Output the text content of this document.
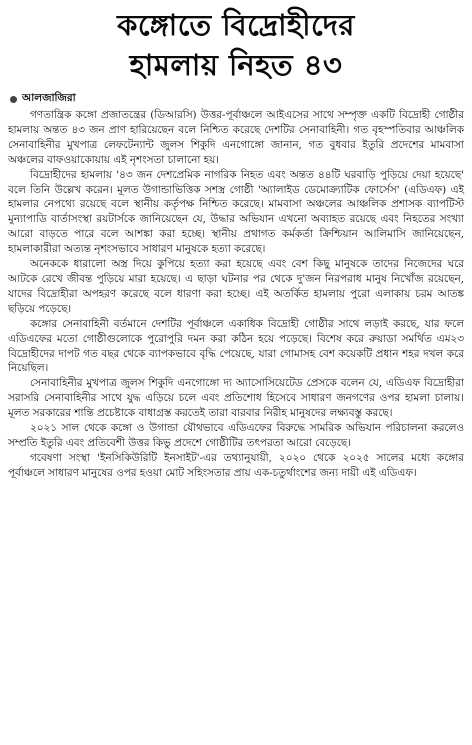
কঙ্গোতে বিদ্রোহীদের
হামলায় নিহত ৪৩
আলজাজিরা

গণতান্ত্রিক কঙ্গো প্রজাতন্ত্রের (ডিআরসি) উত্তর-পূর্বাঞ্চলে আইএসের সাথে সম্পৃক্ত একটি বিদ্রোহী গোষ্ঠীর হামলায় অন্তত ৪৩ জন প্রাণ হারিয়েছেন বলে নিশ্চিত করেছে দেশটির সেনাবাহিনী। গত বৃহস্পতিবার আঞ্চলিক সেনাবাহিনীর মুখপাত্র লেফটেন্যান্ট জুলস শিকুদি এনগোঙ্গো জানান, গত বুধবার ইতুরি প্রদেশের মামবাসা অঞ্চলের বাফওয়াকোয়ায় এই নৃশংসতা চালানো হয়।

বিদ্রোহীদের হামলায় '৪৩ জন দেশপ্রেমিক নাগরিক নিহত এবং অন্তত ৪৪টি ঘরবাড়ি পুড়িয়ে দেয়া হয়েছে' বলে তিনি উল্লেখ করেন। মূলত উগান্ডাভিত্তিক সশস্ত্র গোষ্ঠী 'অ্যালাইড ডেমোক্র্যাটিক ফোর্সেস' (এডিএফ) এই হামলার নেপথ্যে রয়েছে বলে স্থানীয় কর্তৃপক্ষ নিশ্চিত করেছে। মামবাসা অঞ্চলের আঞ্চলিক প্রশাসক ব্যাপটিস্ট মুন্যাপাডি বার্তাসংস্থা রয়টার্সকে জানিয়েছেন যে, উদ্ধার অভিযান এখনো অব্যাহত রয়েছে এবং নিহতের সংখ্যা আরো বাড়তে পারে বলে আশঙ্কা করা হচ্ছে। স্থানীয় প্রথাগত কর্মকর্তা ক্রিশ্চিয়ান আলিমাসি জানিয়েছেন, হামলাকারীরা অত্যন্ত নৃশংসভাবে সাধারণ মানুষকে হত্যা করেছে।

অনেককে ধারালো অস্ত্র দিয়ে কুপিয়ে হত্যা করা হয়েছে এবং বেশ কিছু মানুষকে তাদের নিজেদের ঘরে আটকে রেখে জীবন্ত পুড়িয়ে মারা হয়েছে। এ ছাড়া ঘটনার পর থেকে দু'জন নিরপরাধ মানুষ নিখোঁজ রয়েছেন, যাদের বিদ্রোহীরা অপহরণ করেছে বলে ধারণা করা হচ্ছে। এই অতর্কিত হামলায় পুরো এলাকায় চরম আতঙ্ক ছড়িয়ে পড়েছে।

কঙ্গোর সেনাবাহিনী বর্তমানে দেশটির পূর্বাঞ্চলে একাধিক বিদ্রোহী গোষ্ঠীর সাথে লড়াই করছে, যার ফলে এডিএফের মতো গোষ্ঠীগুলোকে পুরোপুরি দমন করা কঠিন হয়ে পড়েছে। বিশেষ করে রুয়াডা সমর্থিত এম২৩ বিদ্রোহীদের দাপট গত বছর থেকে ব্যাপকভাবে বৃদ্ধি পেয়েছে, যারা গোমাসহ বেশ কয়েকটি প্রধান শহর দখল করে নিয়েছিল।

সেনাবাহিনীর মুখপাত্র জুলস শিকুদি এনগোঙ্গো দ্য অ্যাসোসিয়েটেড প্রেসকে বলেন যে, এডিএফ বিদ্রোহীরা সরাসরি সেনাবাহিনীর সাথে যুদ্ধ এড়িয়ে চলে এবং প্রতিশোধ হিসেবে সাধারণ জনগণের ওপর হামলা চালায়। মূলত সরকারের শান্তি প্রচেষ্টাকে বাধাগ্রস্ত করতেই তারা বারবার নিরীহ মানুষদের লক্ষ্যবস্তু করছে।

২০২১ সাল থেকে কঙ্গো ও উগান্ডা যৌথভাবে এডিএফের বিরুদ্ধে সামরিক অভিযান পরিচালনা করলেও সম্প্রতি ইতুরি এবং প্রতিবেশী উত্তর কিভু প্রদেশে গোষ্ঠীটির তৎপরতা আরো বেড়েছে।

গবেষণা সংস্থা 'ইনসিকিউরিটি ইনসাইট'-এর তথ্যানুযায়ী, ২০২০ থেকে ২০২৫ সালের মধ্যে কঙ্গোর পূর্বাঞ্চলে সাধারণ মানুষের ওপর হওয়া মোট সহিংসতার প্রায় এক-চতুর্থাংশের জন্য দায়ী এই এডিএফ।
